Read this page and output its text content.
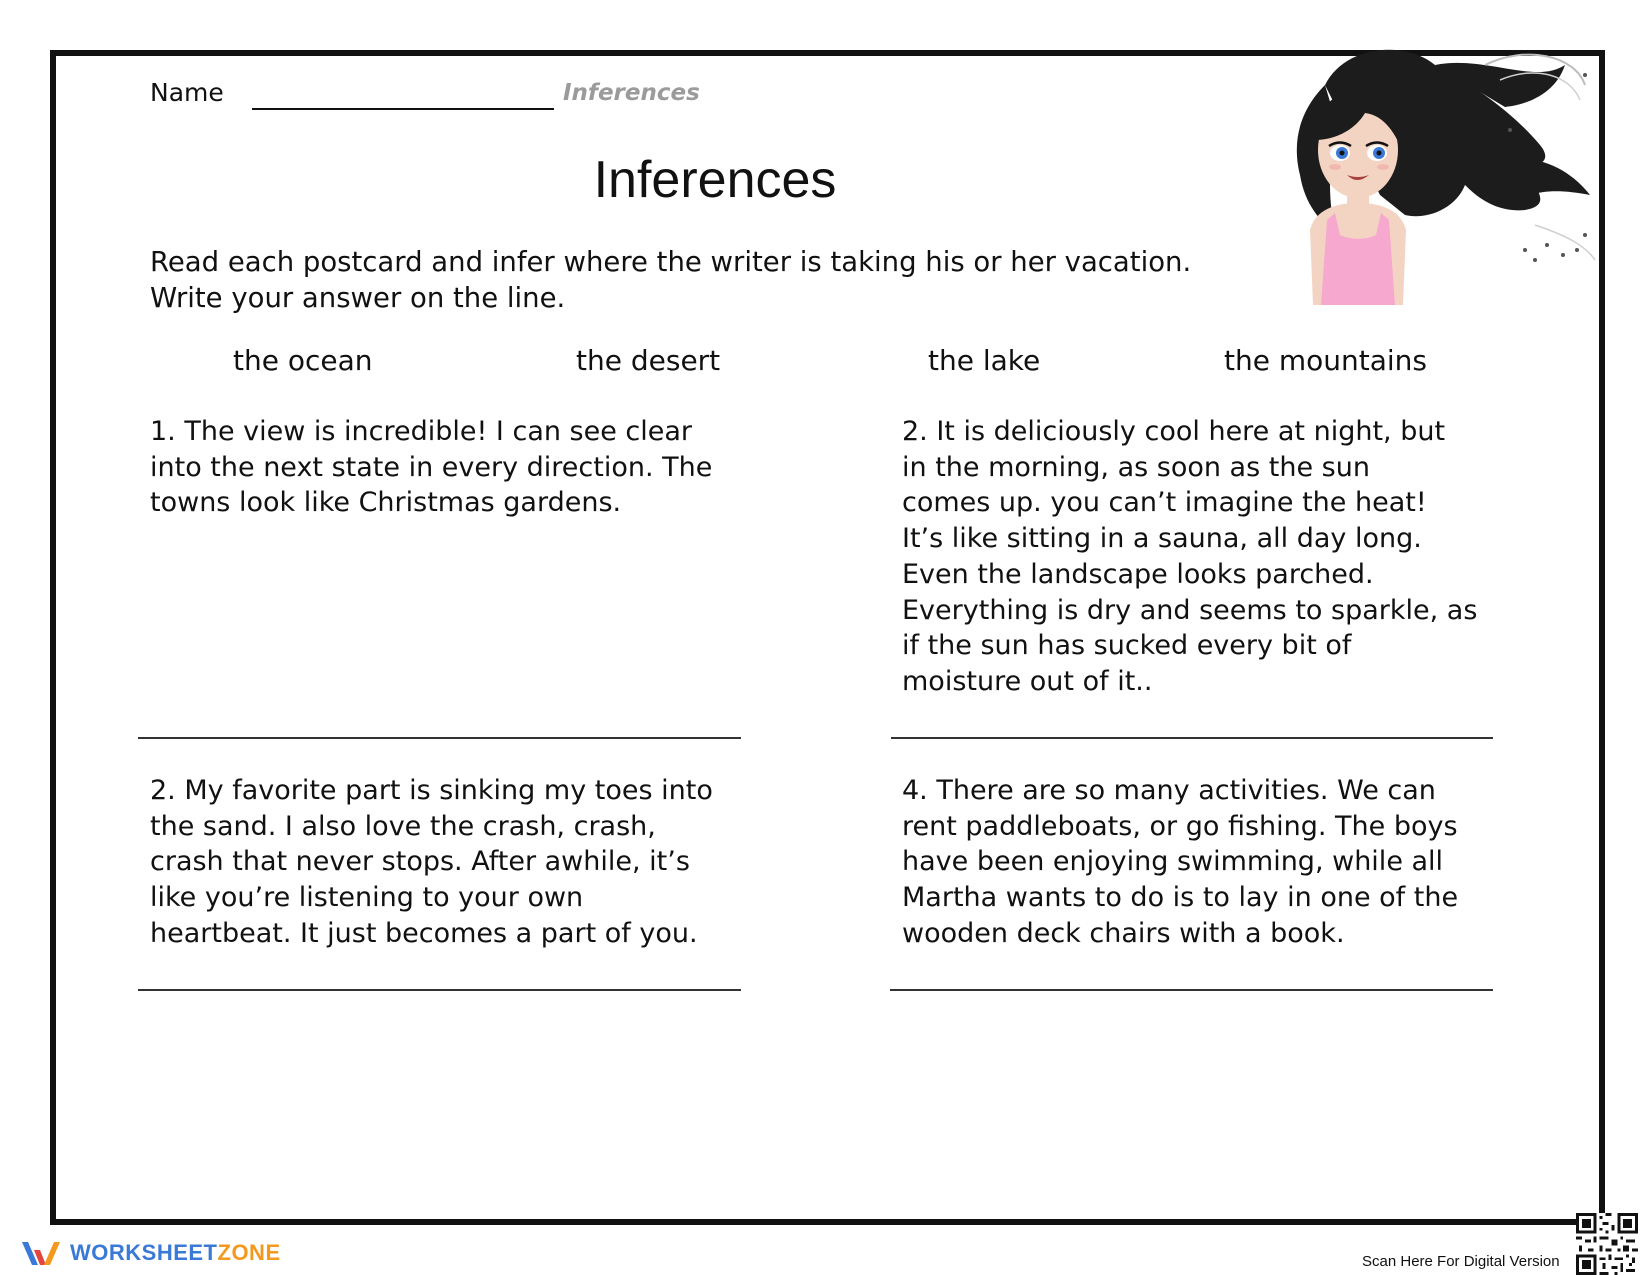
Name	Inferences
Inferences
Read each postcard and infer where the writer is taking his or her vacation.
Write your answer on the line.
the ocean	the desert	the lake	the mountains
1. The view is incredible! I can see clear
into the next state in every direction. The
towns look like Christmas gardens.
2. It is deliciously cool here at night, but
in the morning, as soon as the sun
comes up. you can’t imagine the heat!
It’s like sitting in a sauna, all day long.
Even the landscape looks parched.
Everything is dry and seems to sparkle, as
if the sun has sucked every bit of
moisture out of it..
2. My favorite part is sinking my toes into
the sand. I also love the crash, crash,
crash that never stops. After awhile, it’s
like you’re listening to your own
heartbeat. It just becomes a part of you.
4. There are so many activities. We can
rent paddleboats, or go fishing. The boys
have been enjoying swimming, while all
Martha wants to do is to lay in one of the
wooden deck chairs with a book.
WORKSHEETZONE	Scan Here For Digital Version
